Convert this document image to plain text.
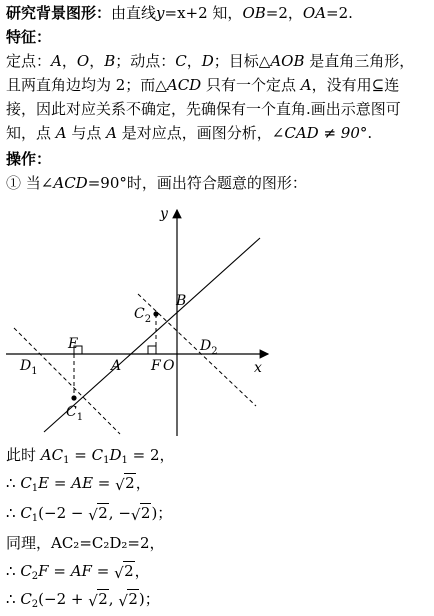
研究背景图形：由直线y=x+2 知，OB=2，OA=2.
特征：
定点：A，O，B；动点：C，D；目标△AOB 是直角三角形，
且两直角边均为 2；而△ACD 只有一个定点 A，没有用⊆连
接，因此对应关系不确定，先确保有一个直角.画出示意图可
知，点 A 与点 A 是对应点，画图分析，∠CAD ≠ 90°.
操作：
① 当∠ACD=90°时，画出符合题意的图形：
y
x
B
$C_2$
$D_2$
E
$D_1$	A F O
$C_1$
此时 $AC_1 = C_1D_1 = 2$，
∴ $C_1E$ = AE = √ 2，
∴ $C_1(-2$ − √ 2, − √ 2)；
同理，AC₂=C₂D₂=2，
∴ $C_2F$ = AF = √ 2，
∴ $C_2(-2$ + √ 2, √ 2)；
